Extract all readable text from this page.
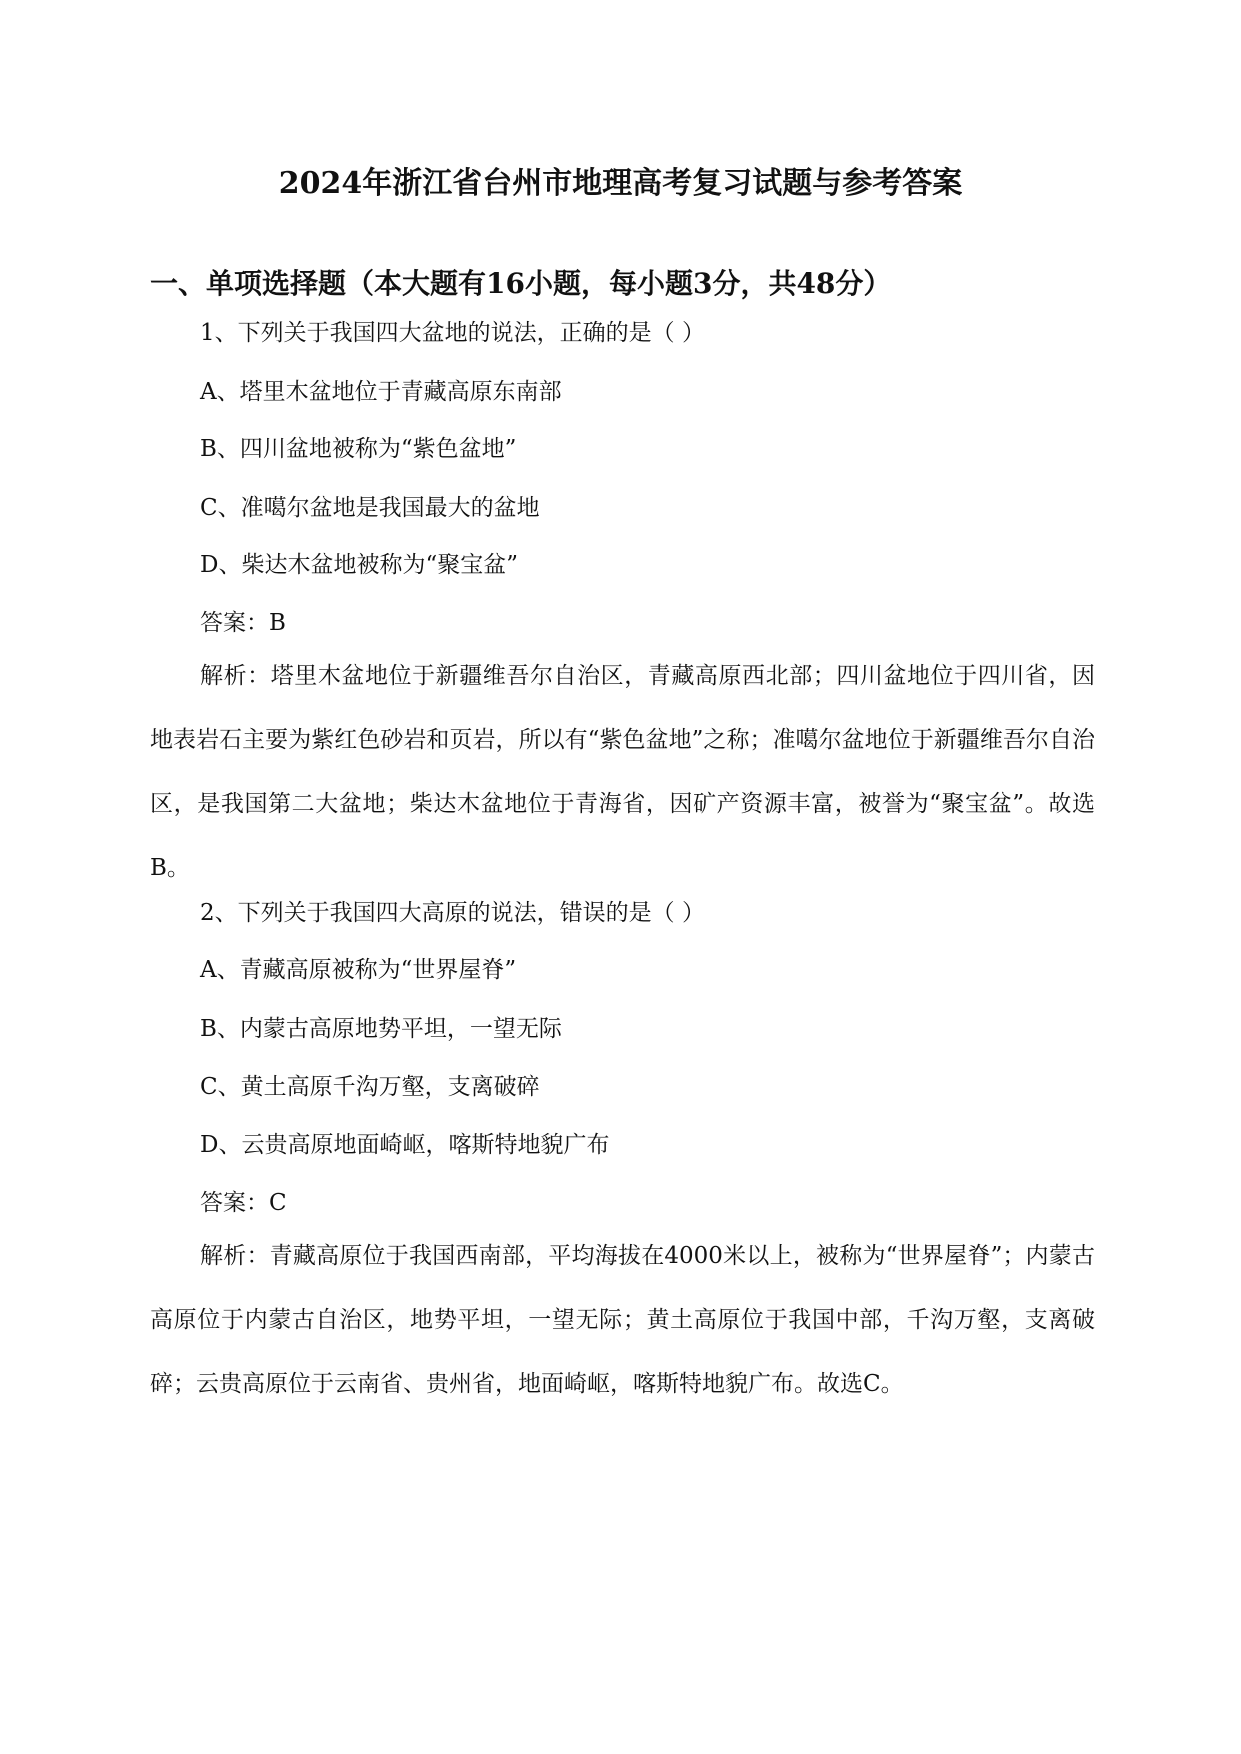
2024年浙江省台州市地理高考复习试题与参考答案
一、单项选择题（本大题有16小题，每小题3分，共48分）
1、下列关于我国四大盆地的说法，正确的是（ ）
A、塔里木盆地位于青藏高原东南部
B、四川盆地被称为“紫色盆地”
C、准噶尔盆地是我国最大的盆地
D、柴达木盆地被称为“聚宝盆”
答案：B

解析：塔里木盆地位于新疆维吾尔自治区，青藏高原西北部；四川盆地位于四川省，因地表岩石主要为紫红色砂岩和页岩，所以有“紫色盆地”之称；准噶尔盆地位于新疆维吾尔自治区，是我国第二大盆地；柴达木盆地位于青海省，因矿产资源丰富，被誉为“聚宝盆”。故选B。

2、下列关于我国四大高原的说法，错误的是（ ）
A、青藏高原被称为“世界屋脊”
B、内蒙古高原地势平坦，一望无际
C、黄土高原千沟万壑，支离破碎
D、云贵高原地面崎岖，喀斯特地貌广布
答案：C

解析：青藏高原位于我国西南部，平均海拔在4000米以上，被称为“世界屋脊”；内蒙古高原位于内蒙古自治区，地势平坦，一望无际；黄土高原位于我国中部，千沟万壑，支离破碎；云贵高原位于云南省、贵州省，地面崎岖，喀斯特地貌广布。故选C。
